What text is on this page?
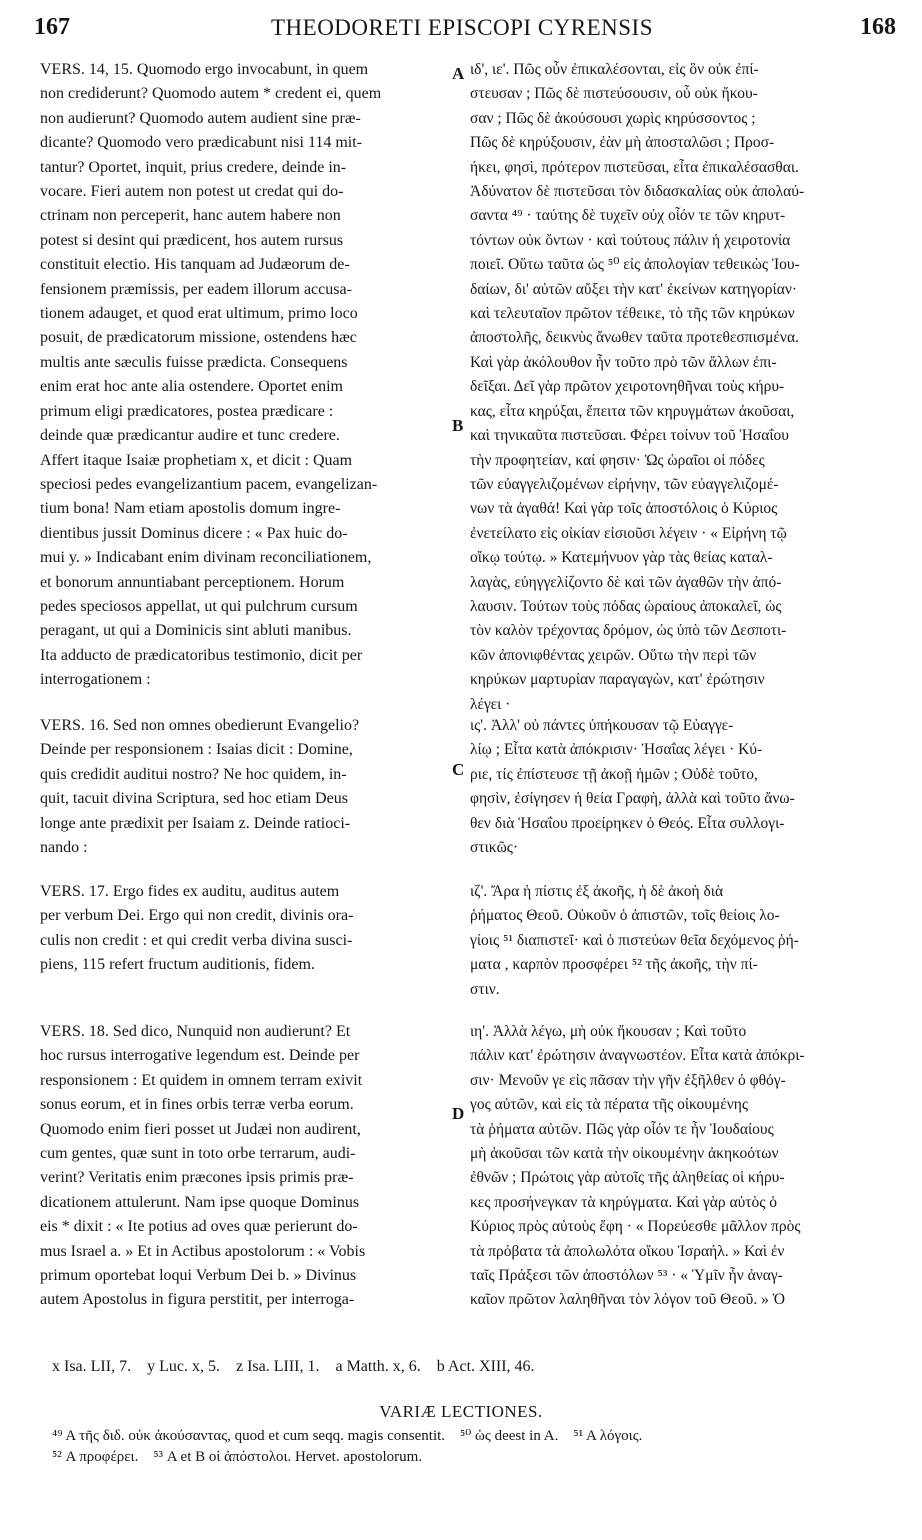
167	THEODORETI EPISCOPI CYRENSIS	168
VERS. 14, 15. Quomodo ergo invocabunt, in quem
non crediderunt? Quomodo autem * credent ei, quem
non audierunt? Quomodo autem audient sine præ-
dicante? Quomodo vero prædicabunt nisi 114 mit-
tantur? Oportet, inquit, prius credere, deinde in-
vocare. Fieri autem non potest ut credat qui do-
ctrinam non perceperit, hanc autem habere non
potest si desint qui prædicent, hos autem rursus
constituit electio. His tanquam ad Judæorum de-
fensionem præmissis, per eadem illorum accusa-
tionem adauget, et quod erat ultimum, primo loco
posuit, de prædicatorum missione, ostendens hæc
multis ante sæculis fuisse prædicta. Consequens
enim erat hoc ante alia ostendere. Oportet enim
primum eligi prædicatores, postea prædicare :
deinde quæ prædicantur audire et tunc credere.
Affert itaque Isaiæ prophetiam x, et dicit : Quam
speciosi pedes evangelizantium pacem, evangelizan-
tium bona! Nam etiam apostolis domum ingre-
dientibus jussit Dominus dicere : « Pax huic do-
mui y. » Indicabant enim divinam reconciliationem,
et bonorum annuntiabant perceptionem. Horum
pedes speciosos appellat, ut qui pulchrum cursum
peragant, ut qui a Dominicis sint abluti manibus.
Ita adducto de prædicatoribus testimonio, dicit per
interrogationem :
VERS. 16. Sed non omnes obedierunt Evangelio?
Deinde per responsionem : Isaias dicit : Domine,
quis credidit auditui nostro? Ne hoc quidem, in-
quit, tacuit divina Scriptura, sed hoc etiam Deus
longe ante prædixit per Isaiam z. Deinde ratioci-
nando :
VERS. 17. Ergo fides ex auditu, auditus autem
per verbum Dei. Ergo qui non credit, divinis ora-
culis non credit : et qui credit verba divina susci-
piens, 115 refert fructum auditionis, fidem.
VERS. 18. Sed dico, Nunquid non audierunt? Et
hoc rursus interrogative legendum est. Deinde per
responsionem : Et quidem in omnem terram exivit
sonus eorum, et in fines orbis terræ verba eorum.
Quomodo enim fieri posset ut Judæi non audirent,
cum gentes, quæ sunt in toto orbe terrarum, audi-
verint? Veritatis enim præcones ipsis primis præ-
dicationem attulerunt. Nam ipse quoque Dominus
eis * dixit : « Ite potius ad oves quæ perierunt do-
mus Israel a. » Et in Actibus apostolorum : « Vobis
primum oportebat loqui Verbum Dei b. » Divinus
autem Apostolus in figura perstitit, per interroga-
A
B
C
D
ιδ', ιε'. Πῶς οὖν ἐπικαλέσονται, εἰς ὃν οὐκ ἐπί-
στευσαν ; Πῶς δὲ πιστεύσουσιν, οὗ οὐκ ἤκου-
σαν ; Πῶς δὲ ἀκούσουσι χωρὶς κηρύσσοντος ;
Πῶς δὲ κηρύξουσιν, ἐὰν μὴ ἀποσταλῶσι ; Προσ-
ήκει, φησὶ, πρότερον πιστεῦσαι, εἶτα ἐπικαλέσασθαι.
Ἀδύνατον δὲ πιστεῦσαι τὸν διδασκαλίας οὐκ ἀπολαύ-
σαντα ⁴⁹ · ταύτης δὲ τυχεῖν οὐχ οἷόν τε τῶν κηρυτ-
τόντων οὐκ ὄντων · καὶ τούτους πάλιν ἡ χειροτονία
ποιεῖ. Οὕτω ταῦτα ὡς ⁵⁰ εἰς ἀπολογίαν τεθεικὼς Ἰου-
δαίων, δι' αὐτῶν αὔξει τὴν κατ' ἐκείνων κατηγορίαν·
καὶ τελευταῖον πρῶτον τέθεικε, τὸ τῆς τῶν κηρύκων
ἀποστολῆς, δεικνὺς ἄνωθεν ταῦτα προτεθεσπισμένα.
Καὶ γὰρ ἀκόλουθον ἦν τοῦτο πρὸ τῶν ἄλλων ἐπι-
δεῖξαι. Δεῖ γὰρ πρῶτον χειροτονηθῆναι τοὺς κήρυ-
κας, εἶτα κηρύξαι, ἔπειτα τῶν κηρυγμάτων ἀκοῦσαι,
καὶ τηνικαῦτα πιστεῦσαι. Φέρει τοίνυν τοῦ Ἡσαΐου
τὴν προφητείαν, καί φησιν· Ὡς ὡραῖοι οἱ πόδες
τῶν εὐαγγελιζομένων εἰρήνην, τῶν εὐαγγελιζομέ-
νων τὰ ἀγαθά! Καὶ γὰρ τοῖς ἀποστόλοις ὁ Κύριος
ἐνετείλατο εἰς οἰκίαν εἰσιοῦσι λέγειν · « Εἰρήνη τῷ
οἴκῳ τούτῳ. » Κατεμήνυον γὰρ τὰς θείας καταλ-
λαγὰς, εὐηγγελίζοντο δὲ καὶ τῶν ἀγαθῶν τὴν ἀπό-
λαυσιν. Τούτων τοὺς πόδας ὡραίους ἀποκαλεῖ, ὡς
τὸν καλὸν τρέχοντας δρόμον, ὡς ὑπὸ τῶν Δεσποτι-
κῶν ἀπονιφθέντας χειρῶν. Οὕτω τὴν περὶ τῶν
κηρύκων μαρτυρίαν παραγαγὼν, κατ' ἐρώτησιν
λέγει ·
ις'. Ἀλλ' οὐ πάντες ὑπήκουσαν τῷ Εὐαγγε-
λίῳ ; Εἶτα κατὰ ἀπόκρισιν· Ἡσαΐας λέγει · Κύ-
ριε, τίς ἐπίστευσε τῇ ἀκοῇ ἡμῶν ; Οὐδὲ τοῦτο,
φησὶν, ἐσίγησεν ἡ θεία Γραφὴ, ἀλλὰ καὶ τοῦτο ἄνω-
θεν διὰ Ἡσαΐου προείρηκεν ὁ Θεός. Εἶτα συλλογι-
στικῶς·
ιζ'. Ἄρα ἡ πίστις ἐξ ἀκοῆς, ἡ δὲ ἀκοὴ διὰ
ῥήματος Θεοῦ. Οὐκοῦν ὁ ἀπιστῶν, τοῖς θείοις λο-
γίοις ⁵¹ διαπιστεῖ· καὶ ὁ πιστεύων θεῖα δεχόμενος ῥή-
ματα , καρπὸν προσφέρει ⁵² τῆς ἀκοῆς, τὴν πί-
στιν.
ιη'. Ἀλλὰ λέγω, μὴ οὐκ ἤκουσαν ; Καὶ τοῦτο
πάλιν κατ' ἐρώτησιν ἀναγνωστέον. Εἶτα κατὰ ἀπόκρι-
σιν· Μενοῦν γε εἰς πᾶσαν τὴν γῆν ἐξῆλθεν ὁ φθόγ-
γος αὐτῶν, καὶ εἰς τὰ πέρατα τῆς οἰκουμένης
τὰ ῥήματα αὐτῶν. Πῶς γὰρ οἷόν τε ἦν Ἰουδαίους
μὴ ἀκοῦσαι τῶν κατὰ τὴν οἰκουμένην ἀκηκοότων
ἐθνῶν ; Πρώτοις γὰρ αὐτοῖς τῆς ἀληθείας οἱ κήρυ-
κες προσήνεγκαν τὰ κηρύγματα. Καὶ γὰρ αὐτὸς ὁ
Κύριος πρὸς αὐτοὺς ἔφη · « Πορεύεσθε μᾶλλον πρὸς
τὰ πρόβατα τὰ ἀπολωλότα οἴκου Ἰσραήλ. » Καὶ ἐν
ταῖς Πράξεσι τῶν ἀποστόλων ⁵³ · « Ὑμῖν ἦν ἀναγ-
καῖον πρῶτον λαληθῆναι τὸν λόγον τοῦ Θεοῦ. » Ὁ
x Isa. LII, 7.    y Luc. x, 5.    z Isa. LIII, 1.    a Matth. x, 6.    b Act. XIII, 46.
VARIÆ LECTIONES.
⁴⁹ A τῆς διδ. οὐκ ἀκούσαντας, quod et cum seqq. magis consentit.    ⁵⁰ ὡς deest in A.    ⁵¹ A λόγοις.
⁵² A προφέρει.    ⁵³ A et B οἱ ἀπόστολοι. Hervet. apostolorum.
